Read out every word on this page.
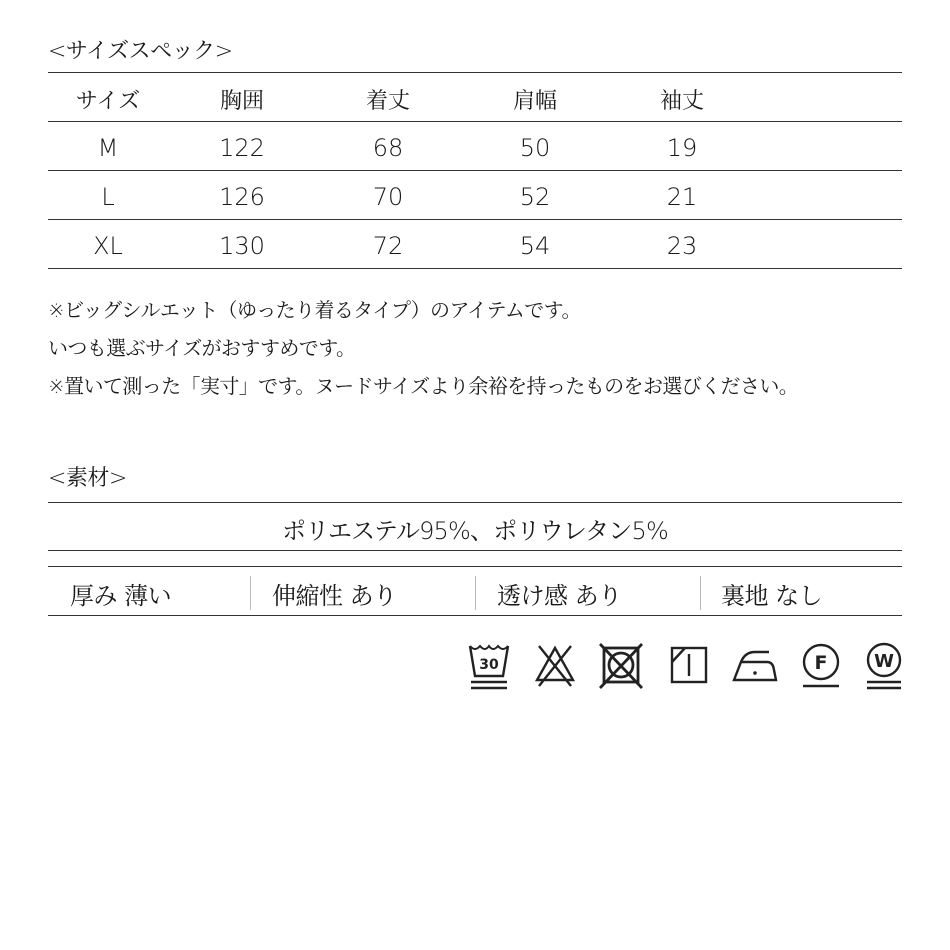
<サイズスペック>
サイズ	胸囲	着丈	肩幅	袖丈
M	122	68	50	19
L	126	70	52	21
XL	130	72	54	23
※ビッグシルエット（ゆったり着るタイプ）のアイテムです。
いつも選ぶサイズがおすすめです。
※置いて測った「実寸」です。ヌードサイズより余裕を持ったものをお選びください。
<素材>
ポリエステル95%、ポリウレタン5%
厚み 薄い	伸縮性 あり	透け感 あり	裏地 なし
30	F	W
